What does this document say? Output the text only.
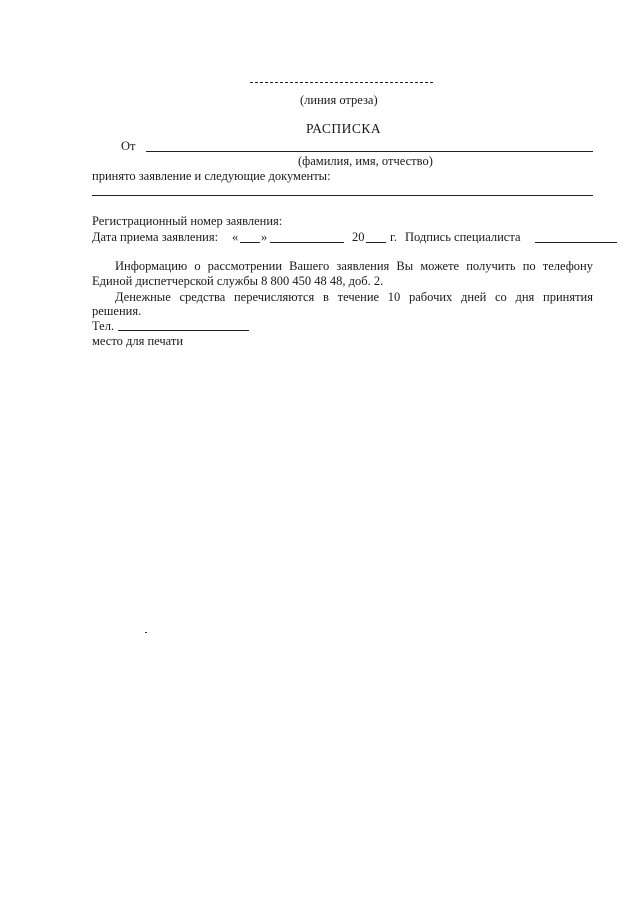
(линия отреза)
РАСПИСКА
От
(фамилия, имя, отчество)
принято заявление и следующие документы:
Регистрационный номер заявления:
Дата приема заявления: « »	20 г. Подпись специалиста
Информацию о рассмотрении Вашего заявления Вы можете получить по телефону
Единой диспетчерской службы 8 800 450 48 48, доб. 2.
Денежные средства перечисляются в течение 10 рабочих дней со дня принятия
решения.
Тел.
место для печати
